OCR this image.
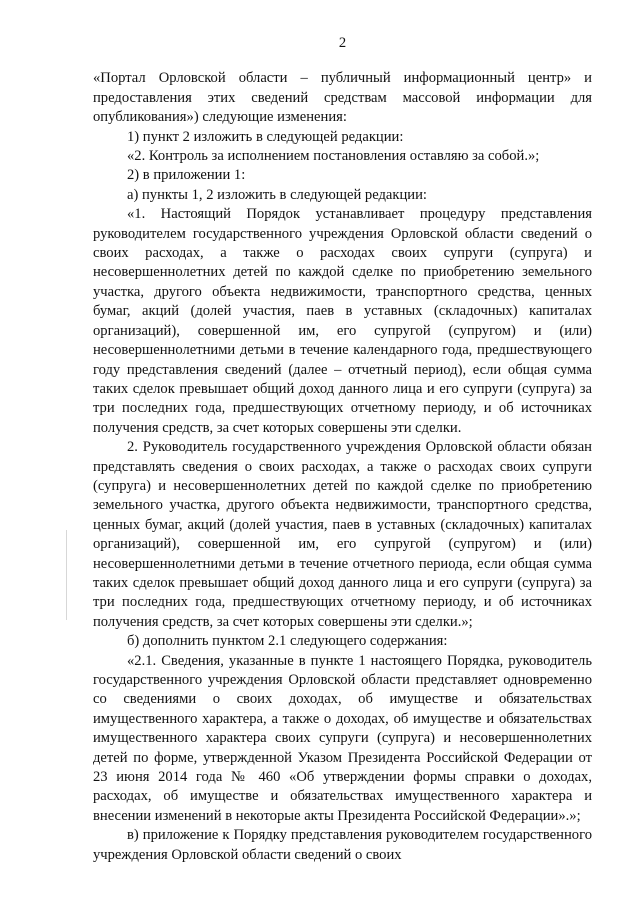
2

«Портал Орловской области – публичный информационный центр» и предоставления этих сведений средствам массовой информации для опубликования») следующие изменения:

1) пункт 2 изложить в следующей редакции:

«2. Контроль за исполнением постановления оставляю за собой.»;

2) в приложении 1:

а) пункты 1, 2 изложить в следующей редакции:

«1. Настоящий Порядок устанавливает процедуру представления руководителем государственного учреждения Орловской области сведений о своих расходах, а также о расходах своих супруги (супруга) и несовершеннолетних детей по каждой сделке по приобретению земельного участка, другого объекта недвижимости, транспортного средства, ценных бумаг, акций (долей участия, паев в уставных (складочных) капиталах организаций), совершенной им, его супругой (супругом) и (или) несовершеннолетними детьми в течение календарного года, предшествующего году представления сведений (далее – отчетный период), если общая сумма таких сделок превышает общий доход данного лица и его супруги (супруга) за три последних года, предшествующих отчетному периоду, и об источниках получения средств, за счет которых совершены эти сделки.

2. Руководитель государственного учреждения Орловской области обязан представлять сведения о своих расходах, а также о расходах своих супруги (супруга) и несовершеннолетних детей по каждой сделке по приобретению земельного участка, другого объекта недвижимости, транспортного средства, ценных бумаг, акций (долей участия, паев в уставных (складочных) капиталах организаций), совершенной им, его супругой (супругом) и (или) несовершеннолетними детьми в течение отчетного периода, если общая сумма таких сделок превышает общий доход данного лица и его супруги (супруга) за три последних года, предшествующих отчетному периоду, и об источниках получения средств, за счет которых совершены эти сделки.»;

б) дополнить пунктом 2.1 следующего содержания:

«2.1. Сведения, указанные в пункте 1 настоящего Порядка, руководитель государственного учреждения Орловской области представляет одновременно со сведениями о своих доходах, об имуществе и обязательствах имущественного характера, а также о доходах, об имуществе и обязательствах имущественного характера своих супруги (супруга) и несовершеннолетних детей по форме, утвержденной Указом Президента Российской Федерации от 23 июня 2014 года № 460 «Об утверждении формы справки о доходах, расходах, об имуществе и обязательствах имущественного характера и внесении изменений в некоторые акты Президента Российской Федерации».»;

в) приложение к Порядку представления руководителем государственного учреждения Орловской области сведений о своих
